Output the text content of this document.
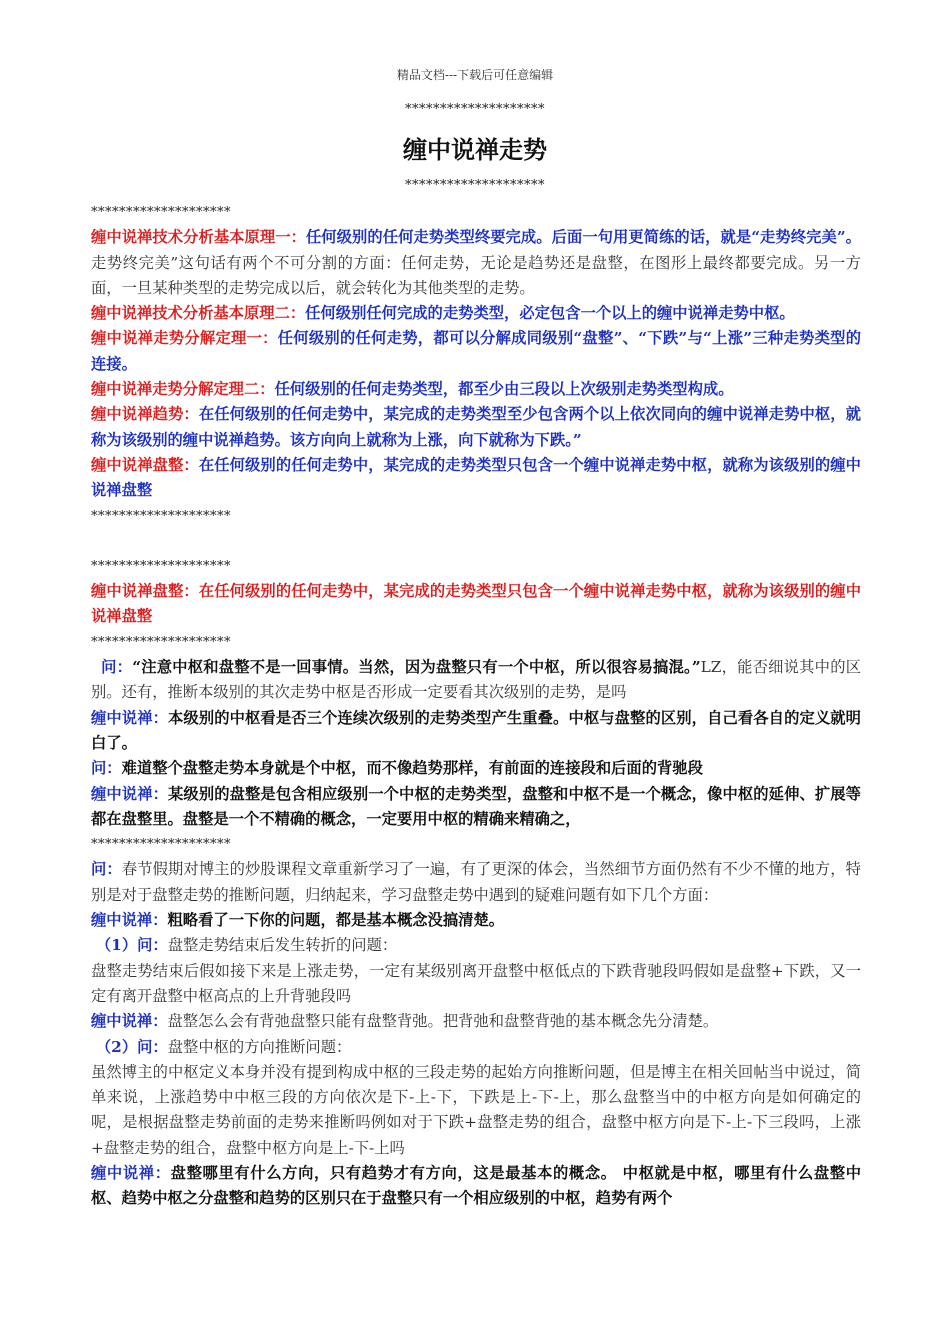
精品文档---下载后可任意编辑
********************
缠中说禅走势
********************

********************

缠中说禅技术分析基本原理一：任何级别的任何走势类型终要完成。后面一句用更简练的话，就是“走势终完美”。走势终完美”这句话有两个不可分割的方面：任何走势，无论是趋势还是盘整，在图形上最终都要完成。另一方面，一旦某种类型的走势完成以后，就会转化为其他类型的走势。

缠中说禅技术分析基本原理二：任何级别任何完成的走势类型，必定包含一个以上的缠中说禅走势中枢。

缠中说禅走势分解定理一：任何级别的任何走势，都可以分解成同级别“盘整”、“下跌”与“上涨”三种走势类型的连接。

缠中说禅走势分解定理二：任何级别的任何走势类型，都至少由三段以上次级别走势类型构成。

缠中说禅趋势：在任何级别的任何走势中，某完成的走势类型至少包含两个以上依次同向的缠中说禅走势中枢，就称为该级别的缠中说禅趋势。该方向向上就称为上涨，向下就称为下跌。”

缠中说禅盘整：在任何级别的任何走势中，某完成的走势类型只包含一个缠中说禅走势中枢，就称为该级别的缠中说禅盘整

********************

********************

缠中说禅盘整：在任何级别的任何走势中，某完成的走势类型只包含一个缠中说禅走势中枢，就称为该级别的缠中说禅盘整

********************

问：“注意中枢和盘整不是一回事情。当然，因为盘整只有一个中枢，所以很容易搞混。”LZ，能否细说其中的区别。还有，推断本级别的其次走势中枢是否形成一定要看其次级别的走势，是吗

缠中说禅：本级别的中枢看是否三个连续次级别的走势类型产生重叠。中枢与盘整的区别，自己看各自的定义就明白了。

问：难道整个盘整走势本身就是个中枢，而不像趋势那样，有前面的连接段和后面的背驰段

缠中说禅：某级别的盘整是包含相应级别一个中枢的走势类型，盘整和中枢不是一个概念，像中枢的延伸、扩展等都在盘整里。盘整是一个不精确的概念，一定要用中枢的精确来精确之，

********************

问：春节假期对博主的炒股课程文章重新学习了一遍，有了更深的体会，当然细节方面仍然有不少不懂的地方，特别是对于盘整走势的推断问题，归纳起来，学习盘整走势中遇到的疑难问题有如下几个方面：

缠中说禅：粗略看了一下你的问题，都是基本概念没搞清楚。

（1）问：盘整走势结束后发生转折的问题：

盘整走势结束后假如接下来是上涨走势，一定有某级别离开盘整中枢低点的下跌背驰段吗假如是盘整+下跌，又一定有离开盘整中枢高点的上升背驰段吗

缠中说禅：盘整怎么会有背弛盘整只能有盘整背弛。把背弛和盘整背弛的基本概念先分清楚。

（2）问：盘整中枢的方向推断问题：

虽然博主的中枢定义本身并没有提到构成中枢的三段走势的起始方向推断问题，但是博主在相关回帖当中说过，简单来说，上涨趋势中中枢三段的方向依次是下-上-下，下跌是上-下-上，那么盘整当中的中枢方向是如何确定的呢，是根据盘整走势前面的走势来推断吗例如对于下跌+盘整走势的组合，盘整中枢方向是下-上-下三段吗，上涨+盘整走势的组合，盘整中枢方向是上-下-上吗

缠中说禅：盘整哪里有什么方向，只有趋势才有方向，这是最基本的概念。 中枢就是中枢，哪里有什么盘整中枢、趋势中枢之分盘整和趋势的区别只在于盘整只有一个相应级别的中枢，趋势有两个
